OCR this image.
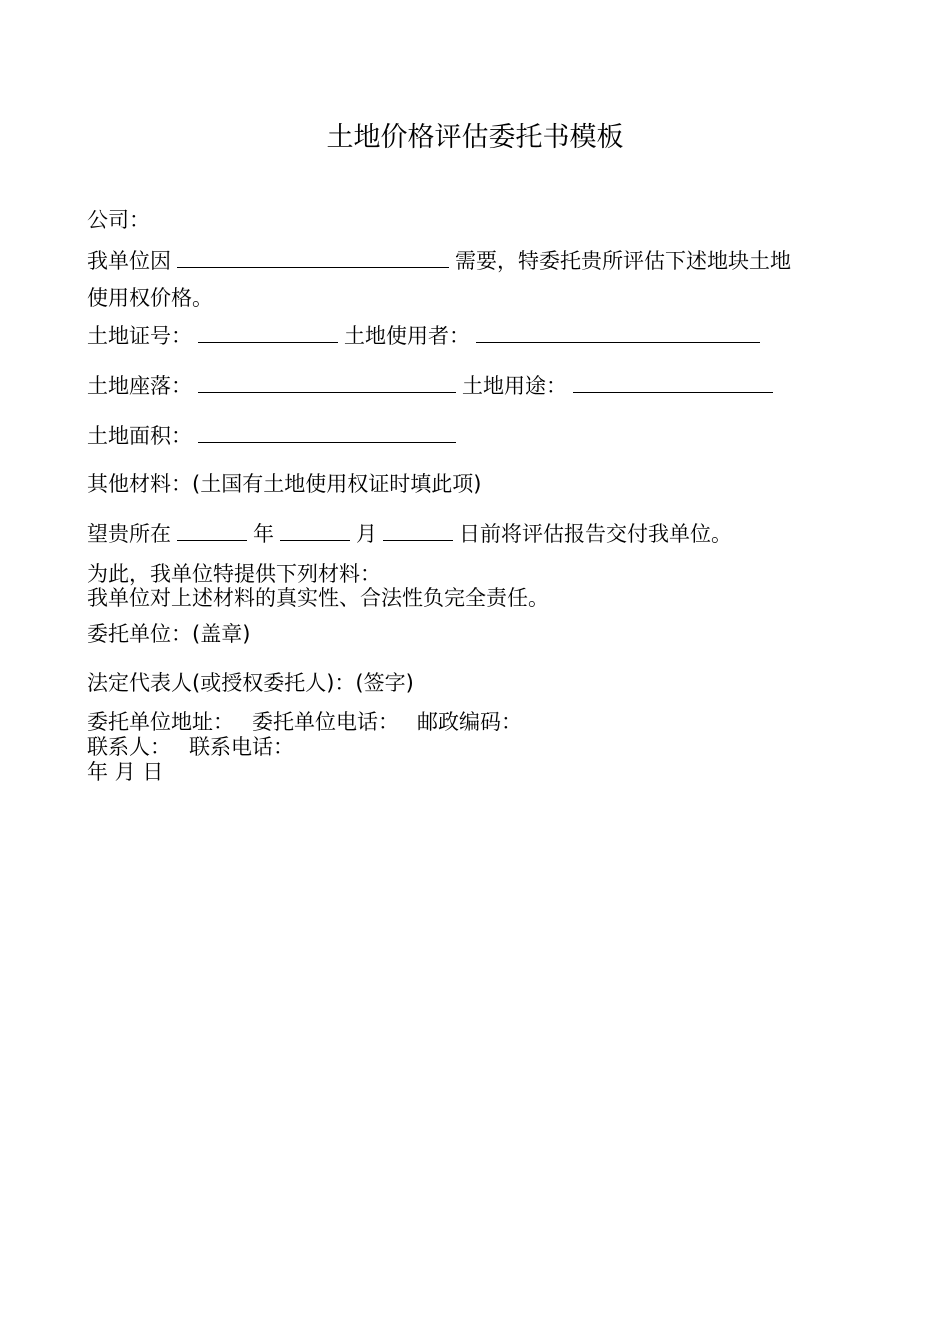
土地价格评估委托书模板
公司：
我单位因	需要，特委托贵所评估下述地块土地
使用权价格。
土地证号：	土地使用者：
土地座落：	土地用途：
土地面积：
其他材料：(土国有土地使用权证时填此项)
望贵所在	年	月	日前将评估报告交付我单位。
为此，我单位特提供下列材料：
我单位对上述材料的真实性、合法性负完全责任。
委托单位：(盖章)
法定代表人(或授权委托人)：(签字)
委托单位地址： 委托单位电话： 邮政编码：
联系人： 联系电话：
年 月 日
